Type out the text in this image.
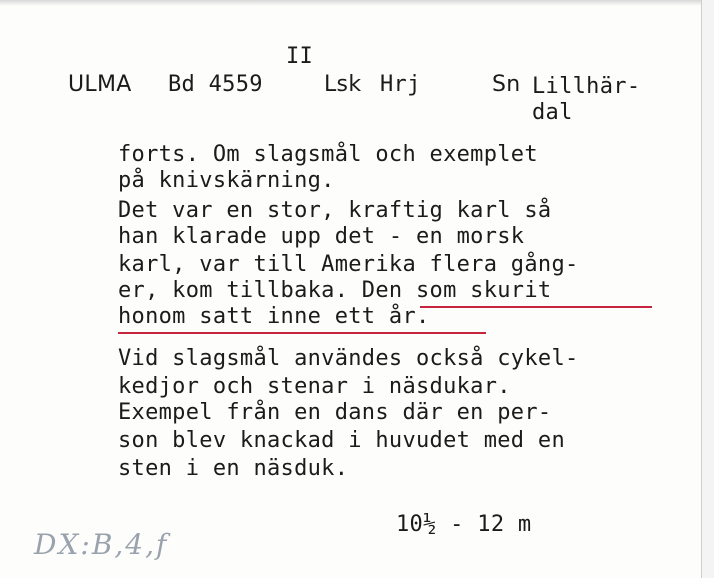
II
ULMA Bd 4559	Lsk Hrj	Sn Lillhär-
dal
forts. Om slagsmål och exemplet
på knivskärning.
Det var en stor, kraftig karl så
han klarade upp det - en morsk
karl, var till Amerika flera gång-
er, kom tillbaka. Den som skurit
honom satt inne ett år.
Vid slagsmål användes också cykel-
kedjor och stenar i näsdukar.
Exempel från en dans där en per-
son blev knackad i huvudet med en
sten i en näsduk.
10½ - 12 m
DX:B,4,f
